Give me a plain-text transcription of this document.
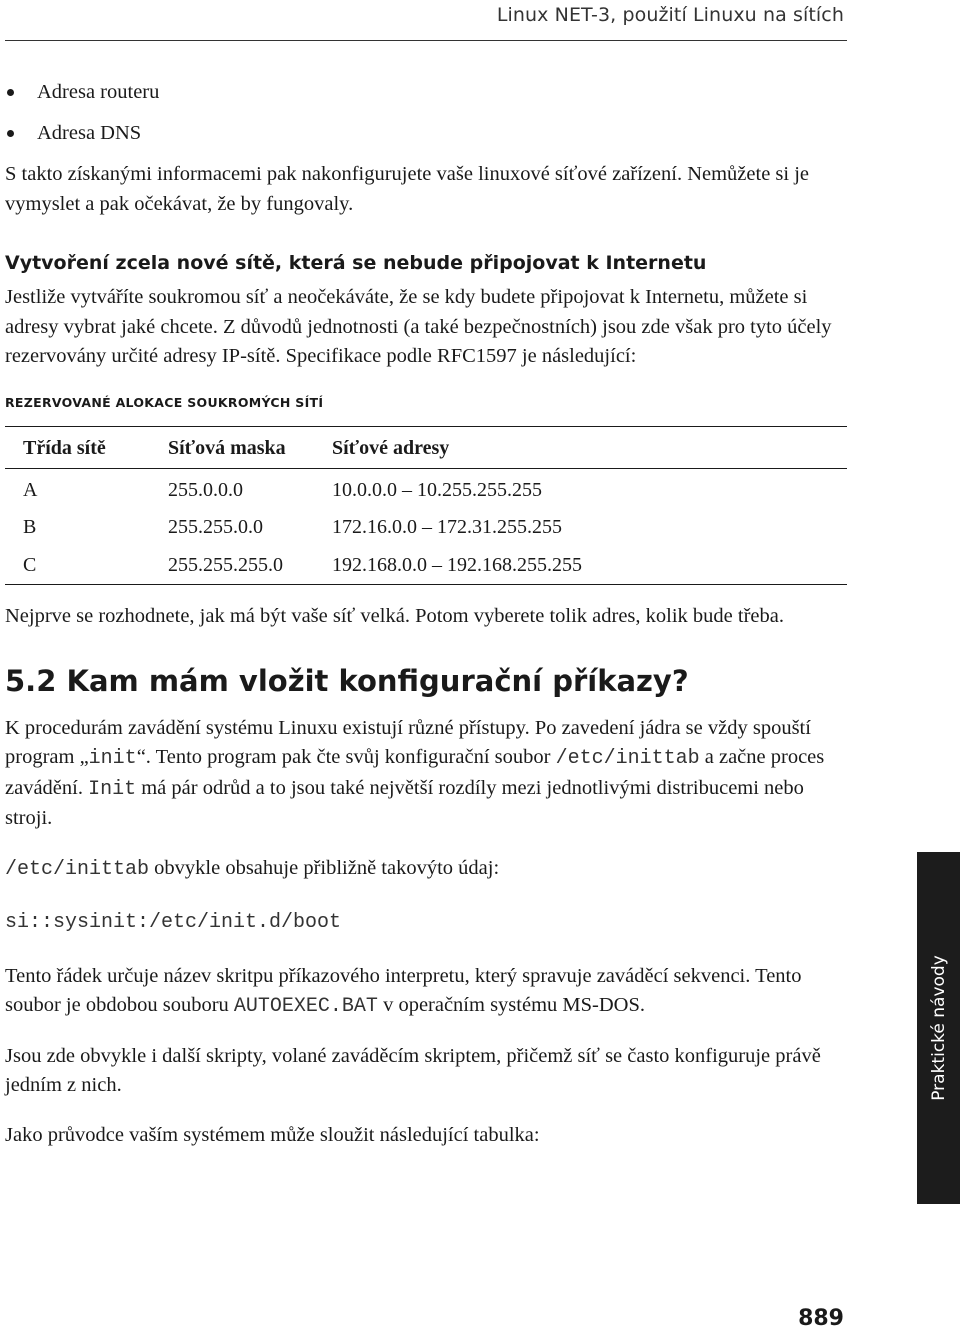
Linux NET-3, použití Linuxu na sítích
Adresa routeru
Adresa DNS

S takto získanými informacemi pak nakonfigurujete vaše linuxové síťové zařízení. Nemůžete si je vymyslet a pak očekávat, že by fungovaly.

Vytvoření zcela nové sítě, která se nebude připojovat k Internetu

Jestliže vytváříte soukromou síť a neočekáváte, že se kdy budete připojovat k Internetu, můžete si adresy vybrat jaké chcete. Z důvodů jednotnosti (a také bezpečnostních) jsou zde však pro tyto účely rezervovány určité adresy IP-sítě. Specifikace podle RFC1597 je následující:

REZERVOVANÉ ALOKACE SOUKROMÝCH SÍTÍ
Třída sítě	Síťová maska	Síťové adresy
A	255.0.0.0	10.0.0.0 – 10.255.255.255
B	255.255.0.0	172.16.0.0 – 172.31.255.255
C	255.255.255.0	192.168.0.0 – 192.168.255.255

Nejprve se rozhodnete, jak má být vaše síť velká. Potom vyberete tolik adres, kolik bude třeba.

5.2 Kam mám vložit konfigurační příkazy?

K procedurám zavádění systému Linuxu existují různé přístupy. Po zavedení jádra se vždy spouští program „init“. Tento program pak čte svůj konfigurační soubor /etc/inittab a začne proces zavádění. Init má pár odrůd a to jsou také největší rozdíly mezi jednotlivými distribucemi nebo stroji.

/etc/inittab obvykle obsahuje přibližně takovýto údaj:

si::sysinit:/etc/init.d/boot

Tento řádek určuje název skritpu příkazového interpretu, který spravuje zaváděcí sekvenci. Tento soubor je obdobou souboru AUTOEXEC.BAT v operačním systému MS-DOS.

Jsou zde obvykle i další skripty, volané zaváděcím skriptem, přičemž síť se často konfiguruje právě jedním z nich.

Jako průvodce vaším systémem může sloužit následující tabulka:

Praktické návody
889
